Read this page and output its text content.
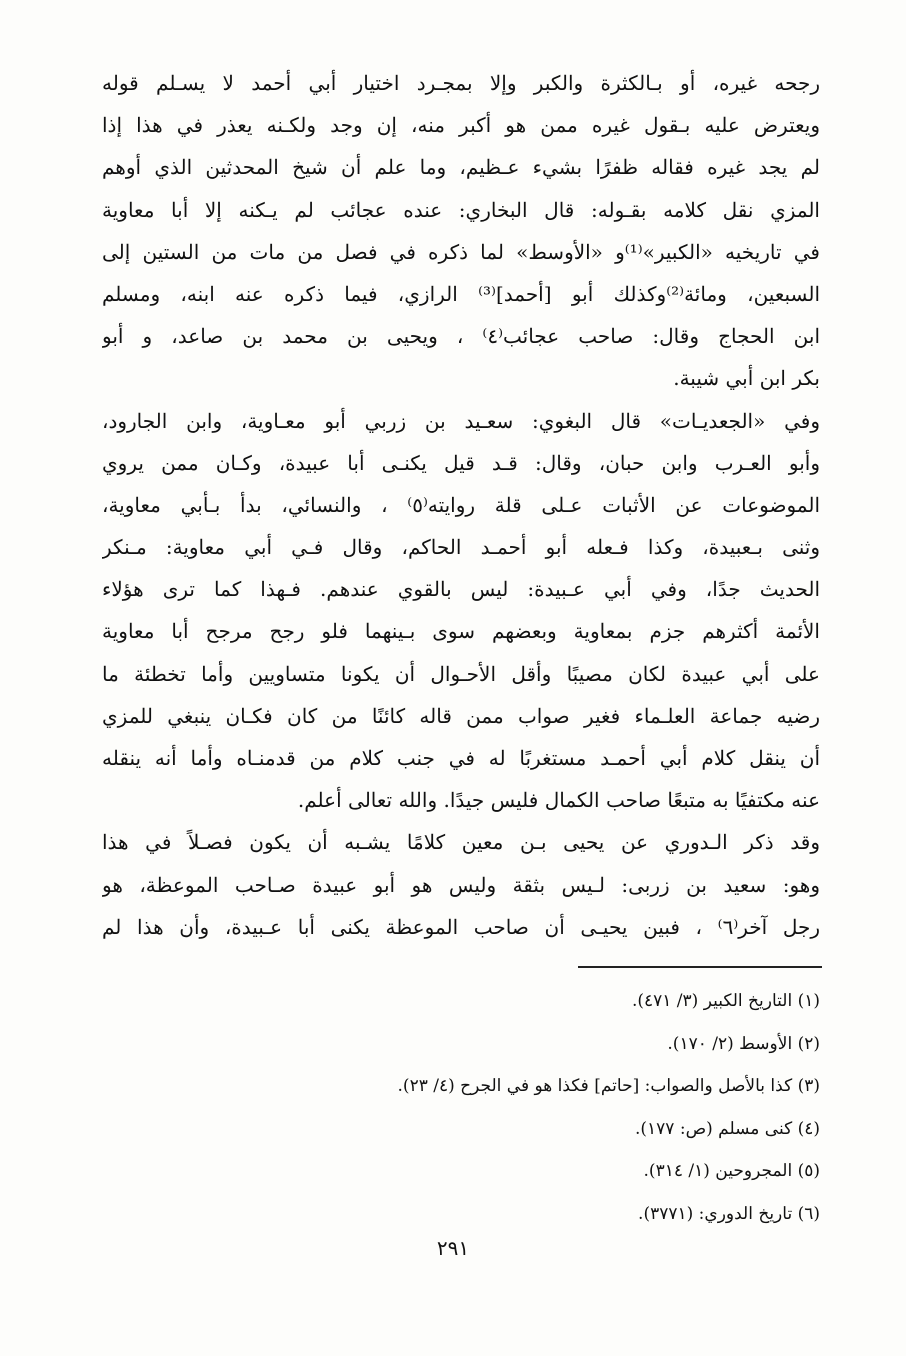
رجحه غيره، أو بـالكثرة والكبر وإلا بمجـرد اختيار أبي أحمد لا يسـلم قوله
ويعترض عليه بـقول غيره ممن هو أكبر منه، إن وجد ولكـنه يعذر في هذا إذا
لم يجد غيره فقاله ظفرًا بشيء عـظيم، وما علم أن شيخ المحدثين الذي أوهم
المزي نقل كلامه بقـوله: قال البخاري: عنده عجائب لم يـكنه إلا أبا معاوية
في تاريخيه «الكبير»⁽¹⁾و «الأوسط» لما ذكره في فصل من مات من الستين إلى
السبعين، ومائة⁽²⁾وكذلك أبو [أحمد]⁽³⁾ الرازي، فيما ذكره عنه ابنه، ومسلم
ابن الحجاج وقال: صاحب عجائب⁽٤⁾ ، ويحيى بن محمد بن صاعد، و أبو
بكر ابن أبي شيبة.
وفي «الجعديـات» قال البغوي: سعـيد بن زربي أبو معـاوية، وابن الجارود،
وأبو العـرب وابن حبان، وقال: قـد قيل يكنـى أبا عبيدة، وكـان ممن يروي
الموضوعات عن الأثبات عـلى قلة روايته⁽٥⁾ ، والنسائي، بدأ بـأبي معاوية،
وثنى بـعبيدة، وكذا فـعله أبو أحمـد الحاكم، وقال فـي أبي معاوية: مـنكر
الحديث جدًا، وفي أبي عـبيدة: ليس بالقوي عندهم. فـهذا كما ترى هؤلاء
الأئمة أكثرهم جزم بمعاوية وبعضهم سوى بـينهما فلو رجح مرجح أبا معاوية
على أبي عبيدة لكان مصيبًا وأقل الأحـوال أن يكونا متساويين وأما تخطئة ما
رضيه جماعة العلـماء فغير صواب ممن قاله كائنًا من كان فكـان ينبغي للمزي
أن ينقل كلام أبي أحمـد مستغربًا له في جنب كلام من قدمنـاه وأما أنه ينقله
عنه مكتفيًا به متبعًا صاحب الكمال فليس جيدًا. والله تعالى أعلم.
وقد ذكر الـدوري عن يحيى بـن معين كلامًا يشـبه أن يكون فصـلاً في هذا
وهو: سعيد بن زربى: لـيس بثقة وليس هو أبو عبيدة صـاحب الموعظة، هو
رجل آخر⁽٦⁾ ، فبين يحيـى أن صاحب الموعظة يكنى أبا عـبيدة، وأن هذا لم
(١) التاريخ الكبير (٣/ ٤٧١).
(٢) الأوسط (٢/ ١٧٠).
(٣) كذا بالأصل والصواب: [حاتم] فكذا هو في الجرح (٤/ ٢٣).
(٤) كنى مسلم (ص: ١٧٧).
(٥) المجروحين (١/ ٣١٤).
(٦) تاريخ الدوري: (٣٧٧١).
٢٩١
